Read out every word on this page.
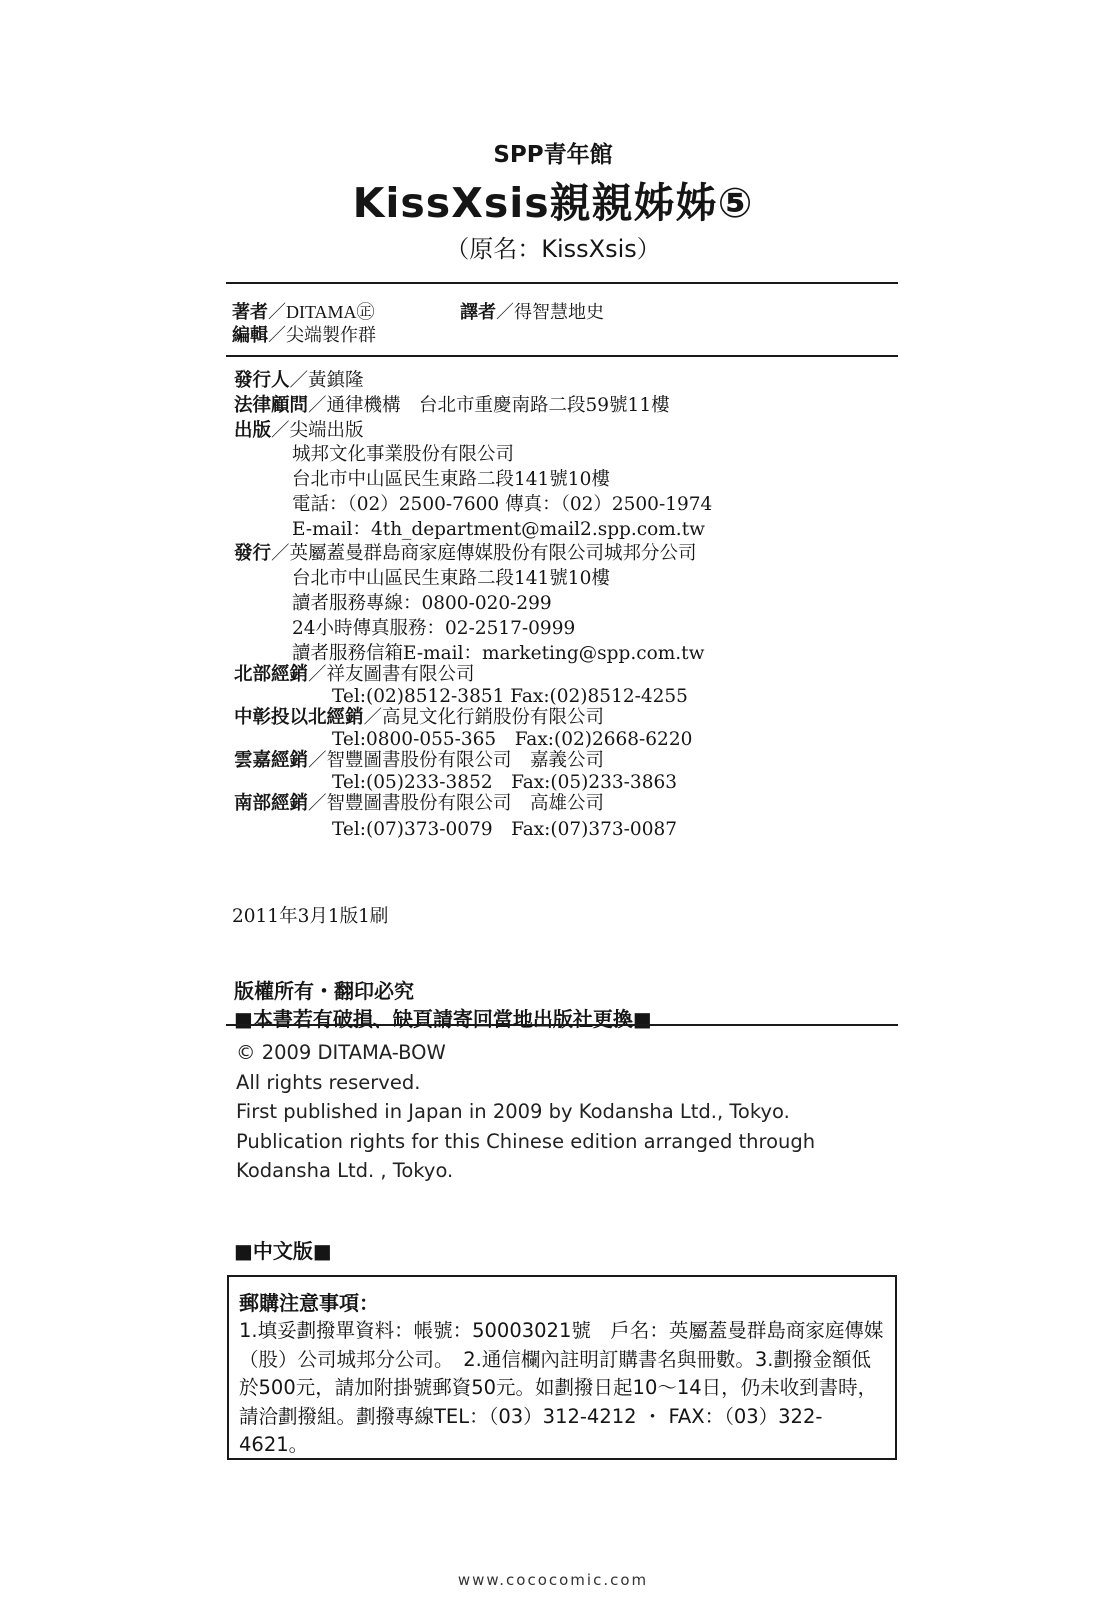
SPP青年館
KissXsis親親姊姊⑤
（原名：KissXsis）
著者／DITAMA㊣	譯者／得智慧地史
編輯／尖端製作群
發行人／黃鎮隆
法律顧問／通律機構　台北市重慶南路二段59號11樓
出版／尖端出版
城邦文化事業股份有限公司
台北市中山區民生東路二段141號10樓
電話：（02）2500-7600 傳真：（02）2500-1974
E-mail：4th_department@mail2.spp.com.tw
發行／英屬蓋曼群島商家庭傳媒股份有限公司城邦分公司
台北市中山區民生東路二段141號10樓
讀者服務專線：0800-020-299
24小時傳真服務：02-2517-0999
讀者服務信箱E-mail：marketing@spp.com.tw
北部經銷／祥友圖書有限公司
Tel:(02)8512-3851 Fax:(02)8512-4255
中彰投以北經銷／高見文化行銷股份有限公司
Tel:0800-055-365　Fax:(02)2668-6220
雲嘉經銷／智豐圖書股份有限公司　嘉義公司
Tel:(05)233-3852　Fax:(05)233-3863
南部經銷／智豐圖書股份有限公司　高雄公司
Tel:(07)373-0079　Fax:(07)373-0087
2011年3月1版1刷
版權所有・翻印必究
■本書若有破損、缺頁請寄回當地出版社更換■
© 2009 DITAMA-BOW
All rights reserved.
First published in Japan in 2009 by Kodansha Ltd., Tokyo.
Publication rights for this Chinese edition arranged through
Kodansha Ltd. , Tokyo.
■中文版■
郵購注意事項：
1.填妥劃撥單資料：帳號：50003021號　戶名：英屬蓋曼群島商家庭傳媒（股）公司城邦分公司。　2.通信欄內註明訂購書名與冊數。3.劃撥金額低於500元，請加附掛號郵資50元。如劃撥日起10～14日，仍未收到書時，請洽劃撥組。劃撥專線TEL：（03）312-4212 ・ FAX：（03）322-4621。
www.cococomic.com
